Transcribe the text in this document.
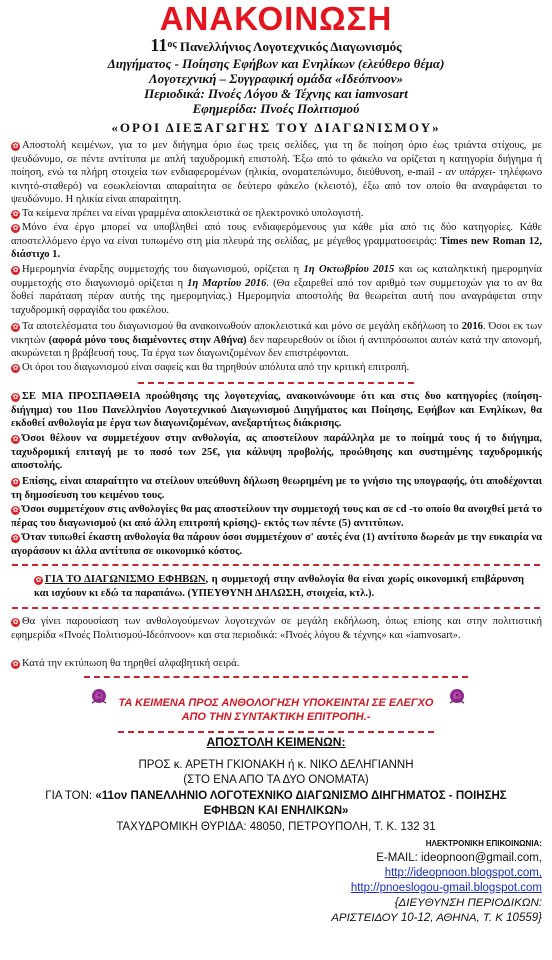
ΑΝΑΚΟΙΝΩΣΗ
$11^{o\varsigma}$ Πανελλήνιος Λογοτεχνικός Διαγωνισμός
Διηγήματος - Ποίησης Εφήβων και Ενηλίκων (ελεύθερο θέμα)
Λογοτεχνική – Συγγραφική ομάδα «Ιδεόπνοον»
Περιοδικά: Πνοές Λόγου & Τέχνης και iamvosart
Εφημερίδα: Πνοές Πολιτισμού
«ΟΡΟΙ ΔΙΕΞΑΓΩΓΗΣ ΤΟΥ ΔΙΑΓΩΝΙΣΜΟΥ»
✿ Αποστολή κειμένων, για το μεν διήγημα όριο έως τρεις σελίδες, για τη δε ποίηση όριο έως τριάντα στίχους, με ψευδώνυμο, σε πέντε αντίτυπα με απλή ταχυδρομική επιστολή. Έξω από το φάκελο να ορίζεται η κατηγορία διήγημα ή ποίηση, ενώ τα πλήρη στοιχεία των ενδιαφερομένων (ηλικία, ονοματεπώνυμο, διεύθυνση, e-mail - αν υπάρχει- τηλέφωνο κινητό-σταθερό) να εσωκλείονται απαραίτητα σε δεύτερο φάκελο (κλειστό), έξω από τον οποίο θα αναγράφεται το ψευδώνυμο. Η ηλικία είναι απαραίτητη.
✿ Τα κείμενα πρέπει να είναι γραμμένα αποκλειστικά σε ηλεκτρονικό υπολογιστή.
✿ Μόνο ένα έργο μπορεί να υποβληθεί από τους ενδιαφερόμενους για κάθε μία από τις δύο κατηγορίες. Κάθε αποστελλόμενο έργο να είναι τυπωμένο στη μία πλευρά της σελίδας, με μέγεθος γραμματοσειράς: Times new Roman 12, διάστιχο 1.
✿ Ημερομηνία έναρξης συμμετοχής του διαγωνισμού, ορίζεται η 1η Οκτωβρίου 2015 και ως καταληκτική ημερομηνία συμμετοχής στο διαγωνισμό ορίζεται η 1η Μαρτίου 2016. (Θα εξαιρεθεί από τον αριθμό των συμμετοχών για το αν θα δοθεί παράταση πέραν αυτής της ημερομηνίας.) Ημερομηνία αποστολής θα θεωρείται αυτή που αναγράφεται στην ταχυδρομική σφραγίδα του φακέλου.
✿ Τα αποτελέσματα του διαγωνισμού θα ανακοινωθούν αποκλειστικά και μόνο σε μεγάλη εκδήλωση το 2016. Όσοι εκ των νικητών (αφορά μόνο τους διαμένοντες στην Αθήνα) δεν παρευρεθούν οι ίδιοι ή αντιπρόσωποι αυτών κατά την απονομή, ακυρώνεται η βράβευσή τους. Τα έργα των διαγωνιζομένων δεν επιστρέφονται.
✿ Οι όροι του διαγωνισμού είναι σαφείς και θα τηρηθούν απόλυτα από την κριτική επιτροπή.
✿ ΣΕ ΜΙΑ ΠΡΟΣΠΑΘΕΙΑ προώθησης της λογοτεχνίας, ανακοινώνουμε ότι και στις δυο κατηγορίες (ποίηση-διήγημα) του 11ου Πανελληνίου Λογοτεχνικού Διαγωνισμού Διηγήματος και Ποίησης, Εφήβων και Ενηλίκων, θα εκδοθεί ανθολογία με έργα των διαγωνιζομένων, ανεξαρτήτως διάκρισης.
✿ Όσοι θέλουν να συμμετέχουν στην ανθολογία, ας αποστείλουν παράλληλα με το ποίημά τους ή το διήγημα, ταχυδρομική επιταγή με το ποσό των 25€, για κάλυψη προβολής, προώθησης και συστημένης ταχυδρομικής αποστολής.
✿ Επίσης, είναι απαραίτητο να στείλουν υπεύθυνη δήλωση θεωρημένη με το γνήσιο της υπογραφής, ότι αποδέχονται τη δημοσίευση του κειμένου τους.
✿ Όσοι συμμετέχουν στις ανθολογίες θα μας αποστείλουν την συμμετοχή τους και σε cd -το οποίο θα ανοιχθεί μετά το πέρας του διαγωνισμού (κι από άλλη επιτροπή κρίσης)- εκτός των πέντε (5) αντιτύπων.
✿ Όταν τυπωθεί έκαστη ανθολογία θα πάρουν όσοι συμμετέχουν σ' αυτές ένα (1) αντίτυπο δωρεάν με την ευκαιρία να αγοράσουν κι άλλα αντίτυπα σε οικονομικό κόστος.
✿ ΓΙΑ ΤΟ ΔΙΑΓΩΝΙΣΜΟ ΕΦΗΒΩΝ, η συμμετοχή στην ανθολογία θα είναι χωρίς οικονομική επιβάρυνση και ισχύουν κι εδώ τα παραπάνω. (ΥΠΕΥΘΥΝΗ ΔΗΛΩΣΗ, στοιχεία, κτλ.).
✿ Θα γίνει παρουσίαση των ανθολογούμενων λογοτεχνών σε μεγάλη εκδήλωση, όπως επίσης και στην πολιτιστική εφημερίδα «Πνοές Πολιτισμού-Ιδεόπνοον» και στα περιοδικά: «Πνοές λόγου & τέχνης» και «iamvosart».
✿ Κατά την εκτύπωση θα τηρηθεί αλφαβητική σειρά.
ΤΑ ΚΕΙΜΕΝΑ ΠΡΟΣ ΑΝΘΟΛΟΓΗΣΗ ΥΠΟΚΕΙΝΤΑΙ ΣΕ ΕΛΕΓΧΟ
ΑΠΟ ΤΗΝ ΣΥΝΤΑΚΤΙΚΗ ΕΠΙΤΡΟΠΗ.-
ΑΠΟΣΤΟΛΗ ΚΕΙΜΕΝΩΝ:
ΠΡΟΣ κ. ΑΡΕΤΗ ΓΚΙΟΝΑΚΗ ή κ. ΝΙΚΟ ΔΕΛΗΓΙΑΝΝΗ
(ΣΤΟ ΕΝΑ ΑΠΟ ΤΑ ΔΥΟ ΟΝΟΜΑΤΑ)
ΓΙΑ ΤΟΝ: «11ον ΠΑΝΕΛΛΗΝΙΟ ΛΟΓΟΤΕΧΝΙΚΟ ΔΙΑΓΩΝΙΣΜΟ ΔΙΗΓΗΜΑΤΟΣ - ΠΟΙΗΣΗΣ
ΕΦΗΒΩΝ ΚΑΙ ΕΝΗΛΙΚΩΝ»
ΤΑΧΥΔΡΟΜΙΚΗ ΘΥΡΙΔΑ: 48050, ΠΕΤΡΟΥΠΟΛΗ, Τ. Κ. 132 31
ΗΛΕΚΤΡΟΝΙΚΗ ΕΠΙΚΟΙΝΩΝΙΑ:
E-MAIL: ideopnoon@gmail.com,
http://ideopnoon.blogspot.com,
http://pnoeslogou-gmail.blogspot.com
{ΔΙΕΥΘΥΝΣΗ ΠΕΡΙΟΔΙΚΩΝ:
ΑΡΙΣΤΕΙΔΟΥ 10-12, ΑΘΗΝΑ, Τ. Κ 10559}
